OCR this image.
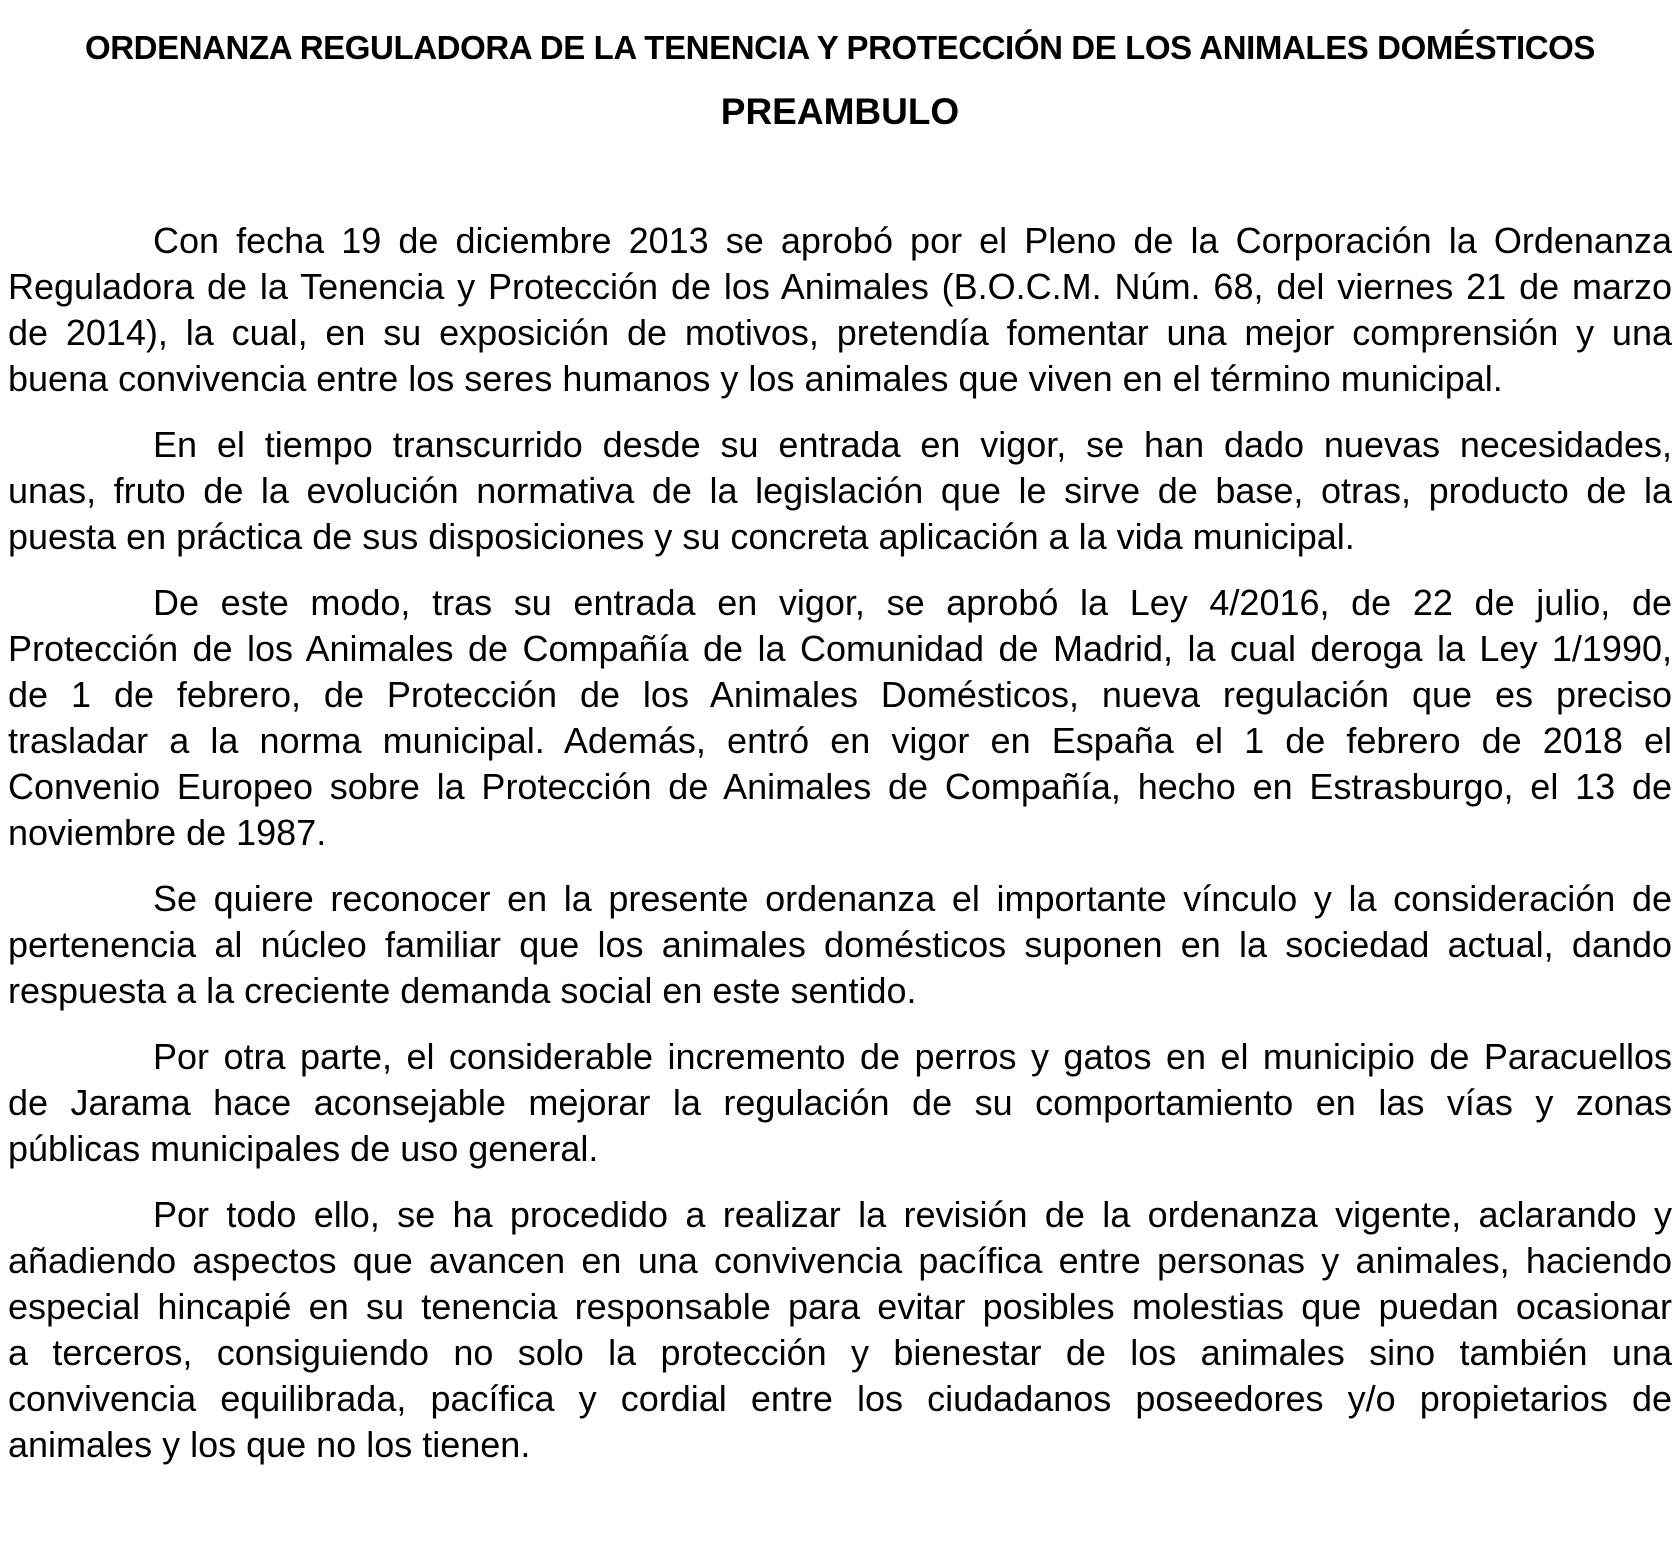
ORDENANZA REGULADORA DE LA TENENCIA Y PROTECCIÓN DE LOS ANIMALES DOMÉSTICOS
PREAMBULO
Con fecha 19 de diciembre 2013 se aprobó por el Pleno de la Corporación la Ordenanza
Reguladora de la Tenencia y Protección de los Animales (B.O.C.M. Núm. 68, del viernes 21 de marzo
de 2014), la cual, en su exposición de motivos, pretendía fomentar una mejor comprensión y una
buena convivencia entre los seres humanos y los animales que viven en el término municipal.
En el tiempo transcurrido desde su entrada en vigor, se han dado nuevas necesidades,
unas, fruto de la evolución normativa de la legislación que le sirve de base, otras, producto de la
puesta en práctica de sus disposiciones y su concreta aplicación a la vida municipal.
De este modo, tras su entrada en vigor, se aprobó la Ley 4/2016, de 22 de julio, de
Protección de los Animales de Compañía de la Comunidad de Madrid, la cual deroga la Ley 1/1990,
de 1 de febrero, de Protección de los Animales Domésticos, nueva regulación que es preciso
trasladar a la norma municipal. Además, entró en vigor en España el 1 de febrero de 2018 el
Convenio Europeo sobre la Protección de Animales de Compañía, hecho en Estrasburgo, el 13 de
noviembre de 1987.
Se quiere reconocer en la presente ordenanza el importante vínculo y la consideración de
pertenencia al núcleo familiar que los animales domésticos suponen en la sociedad actual, dando
respuesta a la creciente demanda social en este sentido.
Por otra parte, el considerable incremento de perros y gatos en el municipio de Paracuellos
de Jarama hace aconsejable mejorar la regulación de su comportamiento en las vías y zonas
públicas municipales de uso general.
Por todo ello, se ha procedido a realizar la revisión de la ordenanza vigente, aclarando y
añadiendo aspectos que avancen en una convivencia pacífica entre personas y animales, haciendo
especial hincapié en su tenencia responsable para evitar posibles molestias que puedan ocasionar
a terceros, consiguiendo no solo la protección y bienestar de los animales sino también una
convivencia equilibrada, pacífica y cordial entre los ciudadanos poseedores y/o propietarios de
animales y los que no los tienen.
